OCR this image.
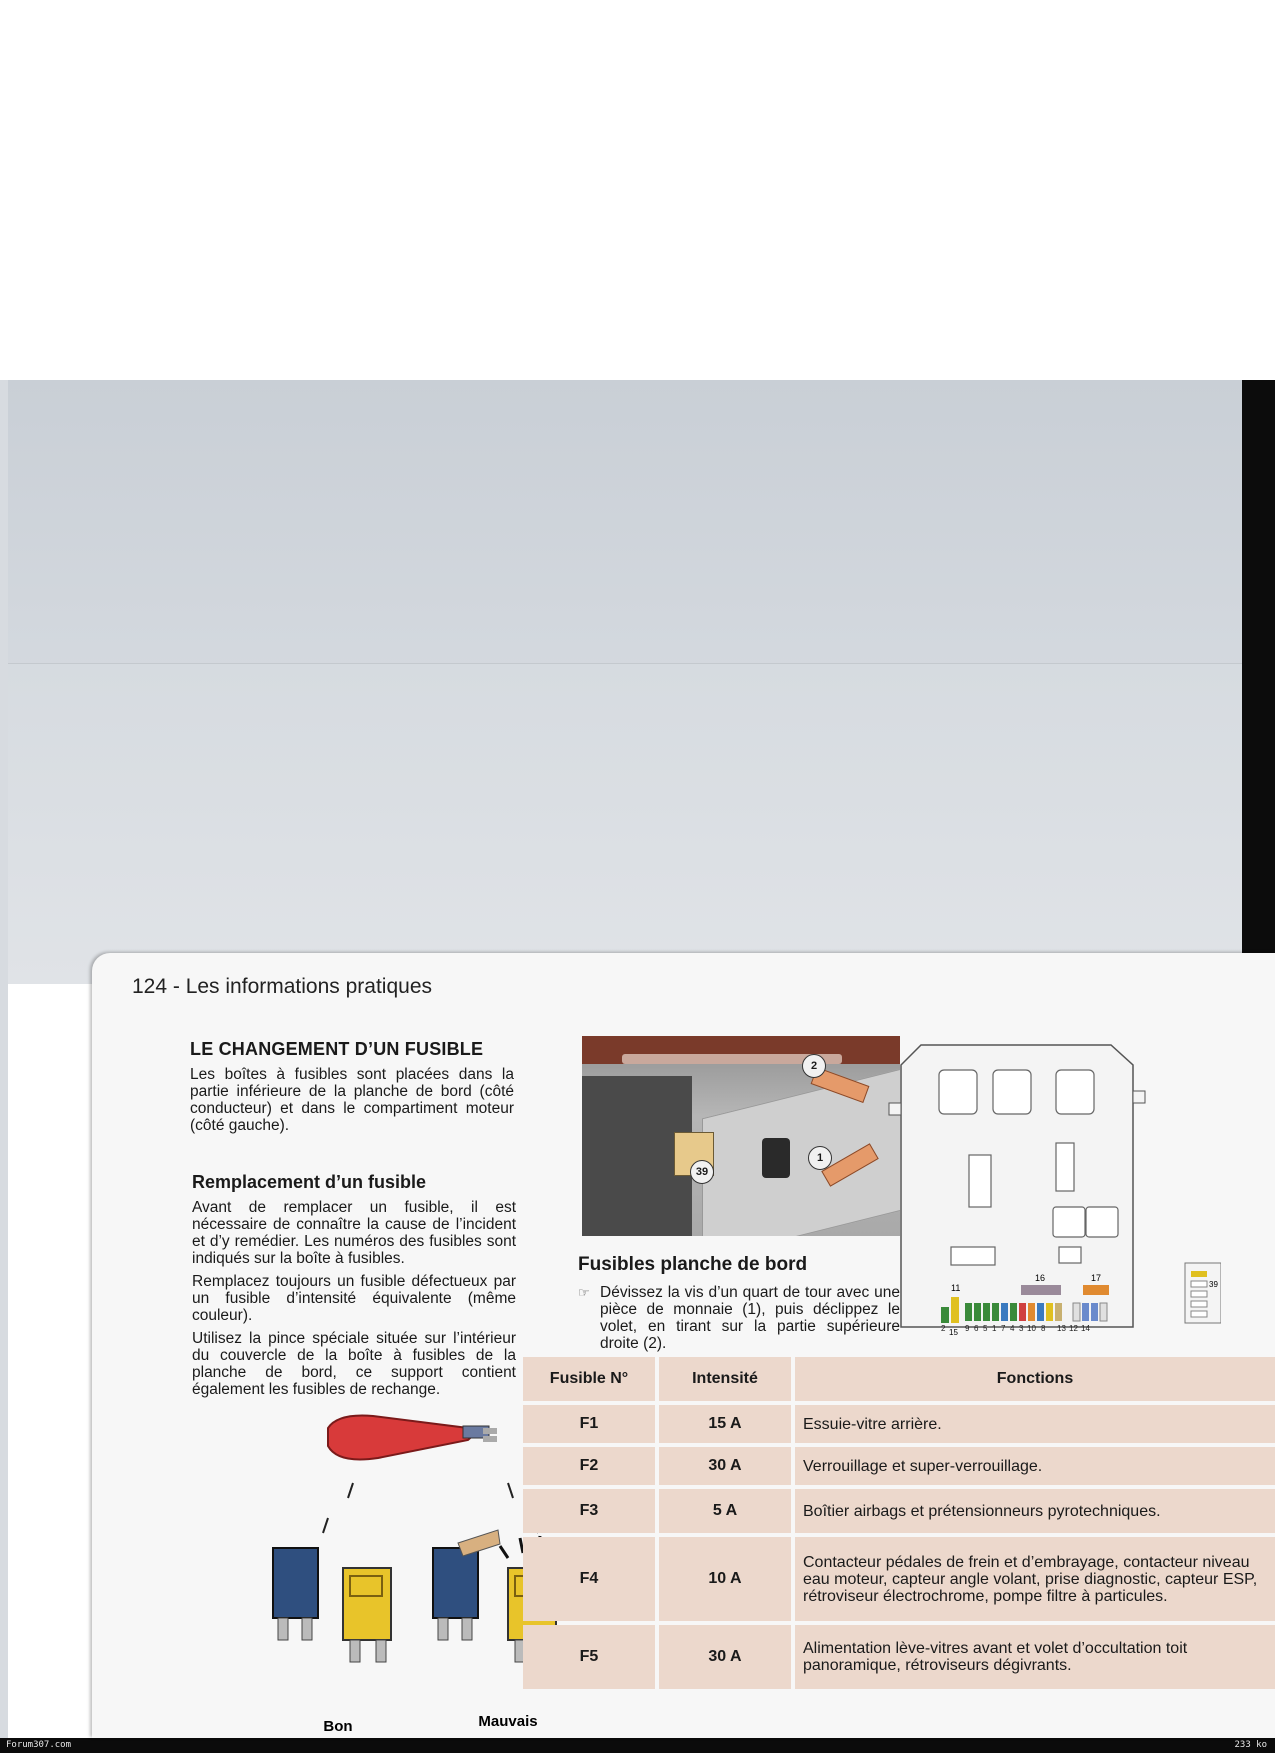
Forum307.com	233 ko
124 - Les informations pratiques
LE CHANGEMENT D’UN FUSIBLE

Les boîtes à fusibles sont placées dans la partie inférieure de la planche de bord (côté conducteur) et dans le compartiment moteur (côté gauche).

Remplacement d’un fusible

Avant de remplacer un fusible, il est nécessaire de connaître la cause de l’incident et d’y remédier. Les numéros des fusibles sont indiqués sur la boîte à fusibles.

Remplacez toujours un fusible défectueux par un fusible d’intensité équivalente (même couleur).

Utilisez la pince spéciale située sur l’intérieur du couvercle de la boîte à fusibles de la planche de bord, ce support contient également les fusibles de rechange.

Bon	Mauvais
1
2
39
Fusibles planche de bord
☞ Dévissez la vis d’un quart de tour avec une pièce de monnaie (1), puis déclippez le volet, en tirant sur la partie supérieure droite (2).
11
16	17
15
2 9 6 5 1 7 4 3 10 8 13 12 14
39
Fusible N°	Intensité	Fonctions
F1	15 A	Essuie-vitre arrière.
F2	30 A	Verrouillage et super-verrouillage.
F3	5 A	Boîtier airbags et prétensionneurs pyrotechniques.
F4	10 A	Contacteur pédales de frein et d’embrayage, contacteur niveau eau moteur, capteur angle volant, prise diagnostic, capteur ESP, rétroviseur électrochrome, pompe filtre à particules.
F5	30 A	Alimentation lève-vitres avant et volet d’occultation toit panoramique, rétroviseurs dégivrants.
